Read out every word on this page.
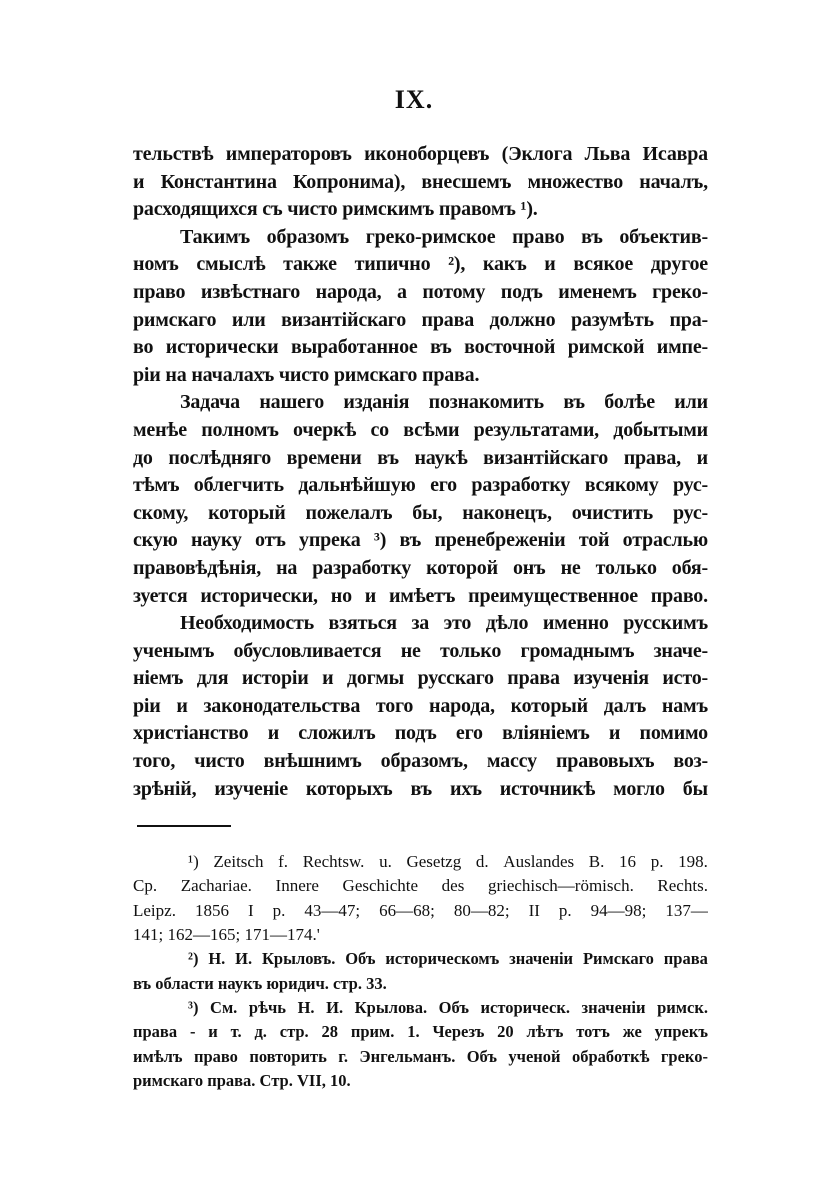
IX.
тельствѣ императоровъ иконоборцевъ (Эклога Льва Исавра
и Константина Копронима), внесшемъ множество началъ,
расходящихся съ чисто римскимъ правомъ ¹).
Такимъ образомъ греко-римское право въ объектив-
номъ смыслѣ также типично ²), какъ и всякое другое
право извѣстнаго народа, а потому подъ именемъ греко-
римскаго или византійскаго права должно разумѣть пра-
во исторически выработанное въ восточной римской импе-
ріи на началахъ чисто римскаго права.
Задача нашего изданія познакомить въ болѣе или
менѣе полномъ очеркѣ со всѣми результатами, добытыми
до послѣдняго времени въ наукѣ византійскаго права, и
тѣмъ облегчить дальнѣйшую его разработку всякому рус-
скому, который пожелалъ бы, наконецъ, очистить рус-
скую науку отъ упрека ³) въ пренебреженіи той отраслью
правовѣдѣнія, на разработку которой онъ не только обя-
зуется исторически, но и имѣетъ преимущественное право.
Необходимость взяться за это дѣло именно русскимъ
ученымъ обусловливается не только громаднымъ значе-
ніемъ для исторіи и догмы русскаго права изученія исто-
ріи и законодательства того народа, который далъ намъ
христіанство и сложилъ подъ его вліяніемъ и помимо
того, чисто внѣшнимъ образомъ, массу правовыхъ воз-
зрѣній, изученіе которыхъ въ ихъ источникѣ могло бы
¹) Zeitsch f. Rechtsw. u. Gesetzg d. Auslandes B. 16 p. 198.
Cp. Zachariae. Innere Geschichte des griechisch—römisch. Rechts.
Leipz. 1856 I p. 43—47; 66—68; 80—82; II p. 94—98; 137—
141; 162—165; 171—174.'
²) Н. И. Крыловъ. Объ историческомъ значеніи Римскаго права
въ области наукъ юридич. стр. 33.
³) См. рѣчь Н. И. Крылова. Объ историческ. значеніи римск.
права - и т. д. стр. 28 прим. 1. Черезъ 20 лѣтъ тотъ же упрекъ
имѣлъ право повторить г. Энгельманъ. Объ ученой обработкѣ греко-
римскаго права. Стр. VII, 10.
